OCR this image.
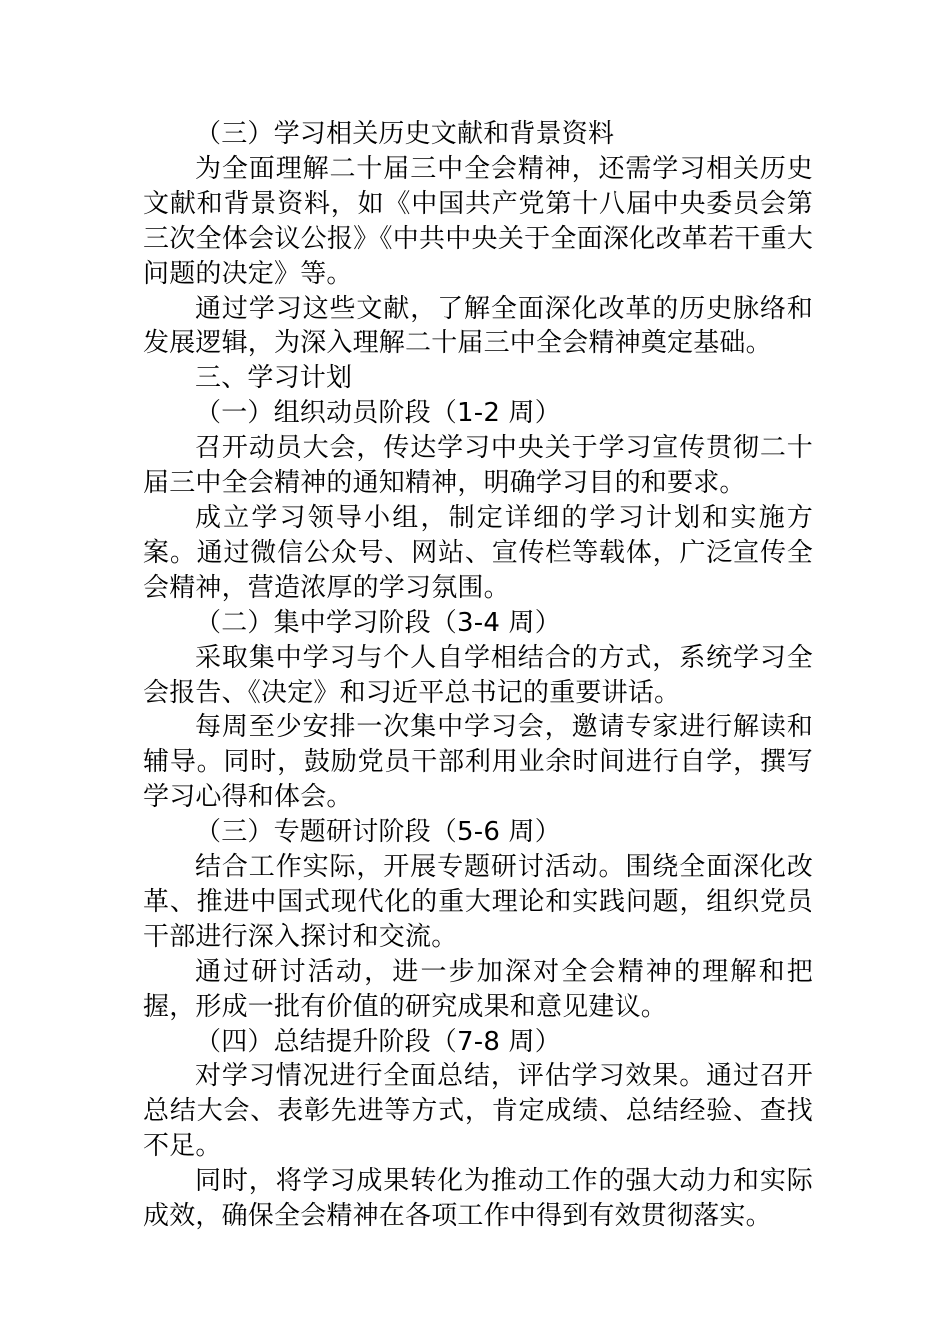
（三）学习相关历史文献和背景资料

为全面理解二十届三中全会精神，还需学习相关历史文献和背景资料，如《中国共产党第十八届中央委员会第三次全体会议公报》《中共中央关于全面深化改革若干重大问题的决定》等。

通过学习这些文献，了解全面深化改革的历史脉络和发展逻辑，为深入理解二十届三中全会精神奠定基础。

三、学习计划

（一）组织动员阶段（1-2 周）

召开动员大会，传达学习中央关于学习宣传贯彻二十届三中全会精神的通知精神，明确学习目的和要求。

成立学习领导小组，制定详细的学习计划和实施方案。通过微信公众号、网站、宣传栏等载体，广泛宣传全会精神，营造浓厚的学习氛围。

（二）集中学习阶段（3-4 周）

采取集中学习与个人自学相结合的方式，系统学习全会报告、《决定》和习近平总书记的重要讲话。

每周至少安排一次集中学习会，邀请专家进行解读和辅导。同时，鼓励党员干部利用业余时间进行自学，撰写学习心得和体会。

（三）专题研讨阶段（5-6 周）

结合工作实际，开展专题研讨活动。围绕全面深化改革、推进中国式现代化的重大理论和实践问题，组织党员干部进行深入探讨和交流。

通过研讨活动，进一步加深对全会精神的理解和把握，形成一批有价值的研究成果和意见建议。

（四）总结提升阶段（7-8 周）

对学习情况进行全面总结，评估学习效果。通过召开总结大会、表彰先进等方式，肯定成绩、总结经验、查找不足。

同时，将学习成果转化为推动工作的强大动力和实际成效，确保全会精神在各项工作中得到有效贯彻落实。
